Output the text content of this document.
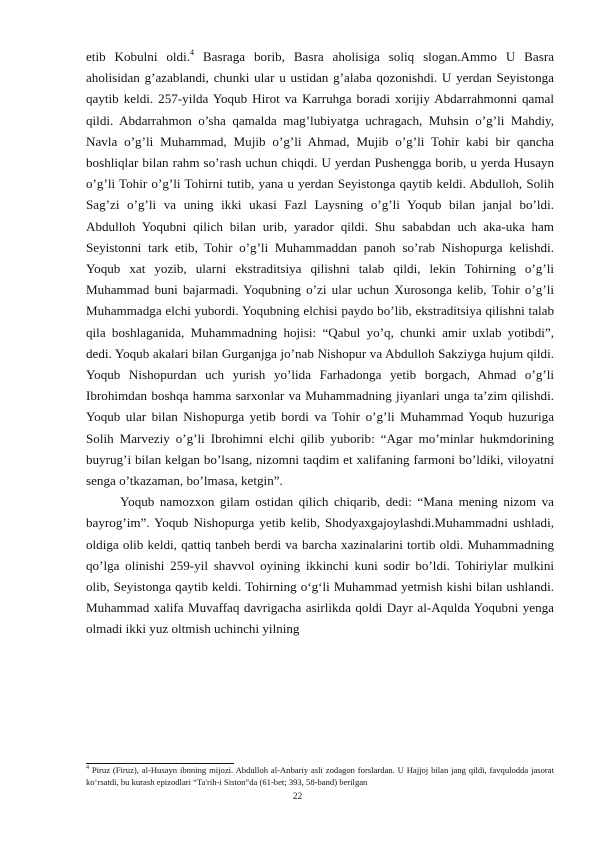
etib Kobulni oldi.$^4$ Basraga borib, Basra aholisiga soliq slogan.Ammo U Basra aholisidan g’azablandi, chunki ular u ustidan g’alaba qozonishdi. U yerdan Seyistonga qaytib keldi. 257-yilda Yoqub Hirot va Karruhga boradi xorijiy Abdarrahmonni qamal qildi. Abdarrahmon o’sha qamalda mag’lubiyatga uchragach, Muhsin o’g’li Mahdiy, Navla o’g’li Muhammad, Mujib o’g’li Ahmad, Mujib o’g’li Tohir kabi bir qancha boshliqlar bilan rahm so’rash uchun chiqdi. U yerdan Pushengga borib, u yerda Husayn o’g’li Tohir o’g’li Tohirni tutib, yana u yerdan Seyistonga qaytib keldi. Abdulloh, Solih Sag’zi o’g’li va uning ikki ukasi Fazl Laysning o’g’li Yoqub bilan janjal bo’ldi. Abdulloh Yoqubni qilich bilan urib, yarador qildi. Shu sababdan uch aka-uka ham Seyistonni tark etib, Tohir o’g’li Muhammaddan panoh so’rab Nishopurga kelishdi. Yoqub xat yozib, ularni ekstraditsiya qilishni talab qildi, lekin Tohirning o’g’li Muhammad buni bajarmadi. Yoqubning o’zi ular uchun Xurosonga kelib, Tohir o’g’li Muhammadga elchi yubordi. Yoqubning elchisi paydo bo’lib, ekstraditsiya qilishni talab qila boshlaganida, Muhammadning hojisi: “Qabul yo’q, chunki amir uxlab yotibdi”, dedi. Yoqub akalari bilan Gurganjga jo’nab Nishopur va Abdulloh Sakziyga hujum qildi. Yoqub Nishopurdan uch yurish yo’lida Farhadonga yetib borgach, Ahmad o’g’li Ibrohimdan boshqa hamma sarxonlar va Muhammadning jiyanlari unga ta’zim qilishdi. Yoqub ular bilan Nishopurga yetib bordi va Tohir o’g’li Muhammad Yoqub huzuriga Solih Marveziy o’g’li Ibrohimni elchi qilib yuborib: “Agar mo’minlar hukmdorining buyrug’i bilan kelgan bo’lsang, nizomni taqdim et xalifaning farmoni bo’ldiki, viloyatni senga o’tkazaman, bo’lmasa, ketgin”.

Yoqub namozxon gilam ostidan qilich chiqarib, dedi: “Mana mening nizom va bayrog’im”. Yoqub Nishopurga yetib kelib, Shodyaxgajoylashdi.Muhammadni ushladi, oldiga olib keldi, qattiq tanbeh berdi va barcha xazinalarini tortib oldi. Muhammadning qo’lga olinishi 259-yil shavvol oyining ikkinchi kuni sodir bo’ldi. Tohiriylar mulkini olib, Seyistonga qaytib keldi. Tohirning o‘g‘li Muhammad yetmish kishi bilan ushlandi. Muhammad xalifa Muvaffaq davrigacha asirlikda qoldi Dayr al-Aqulda Yoqubni yenga olmadi ikki yuz oltmish uchinchi yilning

$^4$ Piruz (Firuz), al-Husayn ibnning mijozi. Abdulloh al-Anbariy asli zodagon forslardan. U Hajjoj bilan jang qildi, favqulodda jasorat ko‘rsatdi, bu kurash epizodlari “Ta'rih-i Siston”da (61-bet; 393, 58-band) berilgan
22
